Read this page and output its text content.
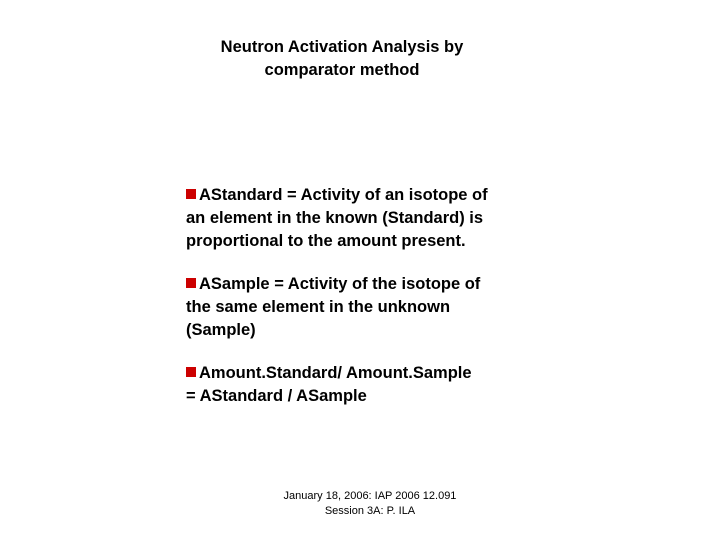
Neutron Activation Analysis by
comparator method
AStandard = Activity of an isotope of
an element in the known (Standard) is
proportional to the amount present.
ASample = Activity of the isotope of
the same element in the unknown
(Sample)
Amount.Standard/ Amount.Sample
= AStandard / ASample
January 18, 2006: IAP 2006 12.091
Session 3A: P. ILA
